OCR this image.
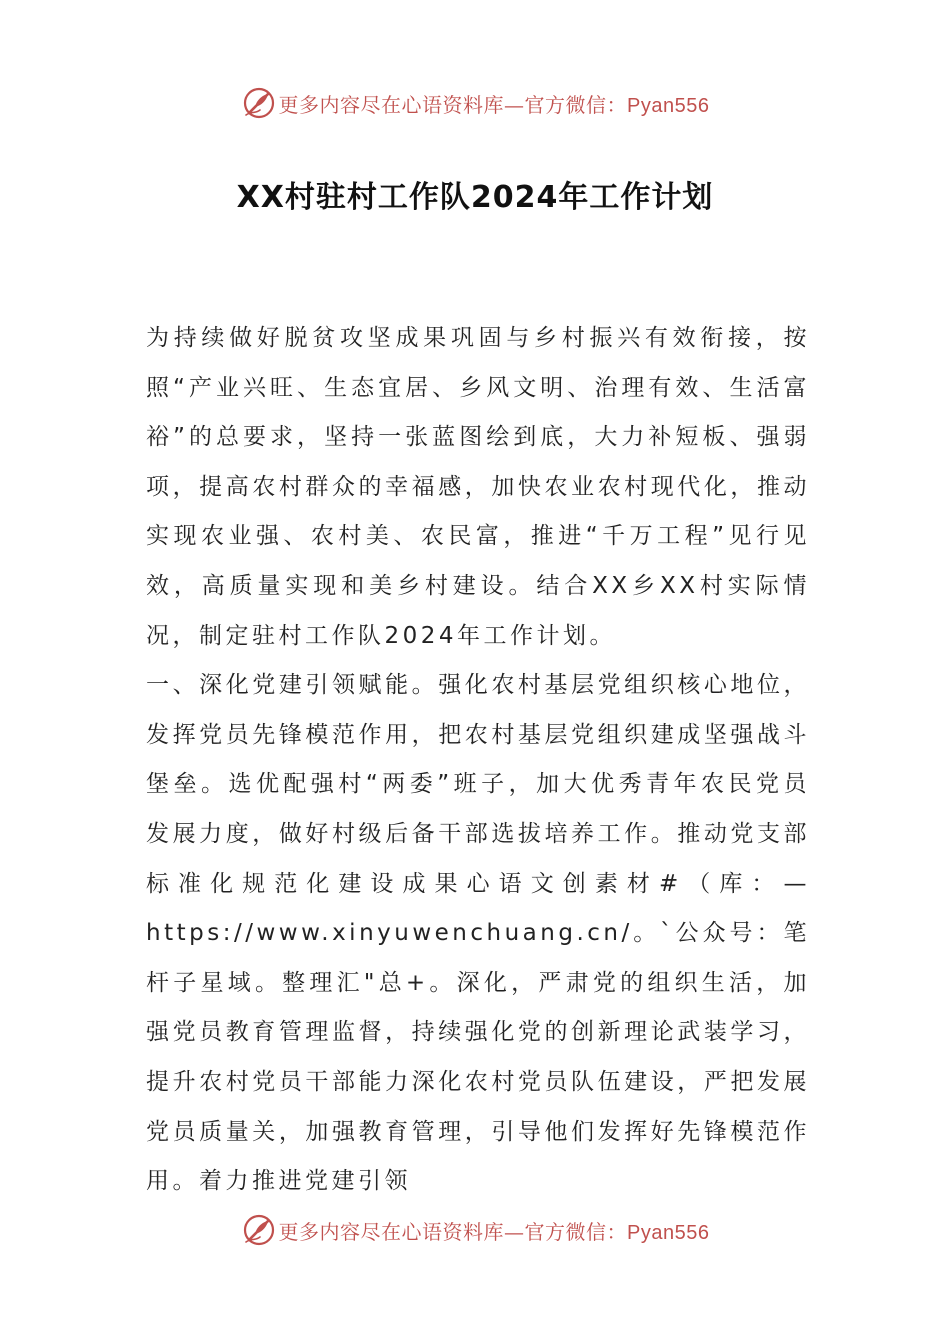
更多内容尽在心语资料库—官方微信：Pyan556
XX村驻村工作队2024年工作计划

为持续做好脱贫攻坚成果巩固与乡村振兴有效衔接，按照“产业兴旺、生态宜居、乡风文明、治理有效、生活富裕”的总要求，坚持一张蓝图绘到底，大力补短板、强弱项，提高农村群众的幸福感，加快农业农村现代化，推动实现农业强、农村美、农民富，推进“千万工程”见行见效，高质量实现和美乡村建设。结合XX乡XX村实际情况，制定驻村工作队2024年工作计划。

一、深化党建引领赋能。强化农村基层党组织核心地位，发挥党员先锋模范作用，把农村基层党组织建成坚强战斗堡垒。选优配强村“两委”班子，加大优秀青年农民党员发展力度，做好村级后备干部选拔培养工作。推动党支部标准化规范化建设成果心语文创素材#（库：—https://www.xinyuwenchuang.cn/。`公众号：笔杆子星域。整理汇"总+。深化，严肃党的组织生活，加强党员教育管理监督，持续强化党的创新理论武装学习，提升农村党员干部能力深化农村党员队伍建设，严把发展党员质量关，加强教育管理，引导他们发挥好先锋模范作用。着力推进党建引领

更多内容尽在心语资料库—官方微信：Pyan556
